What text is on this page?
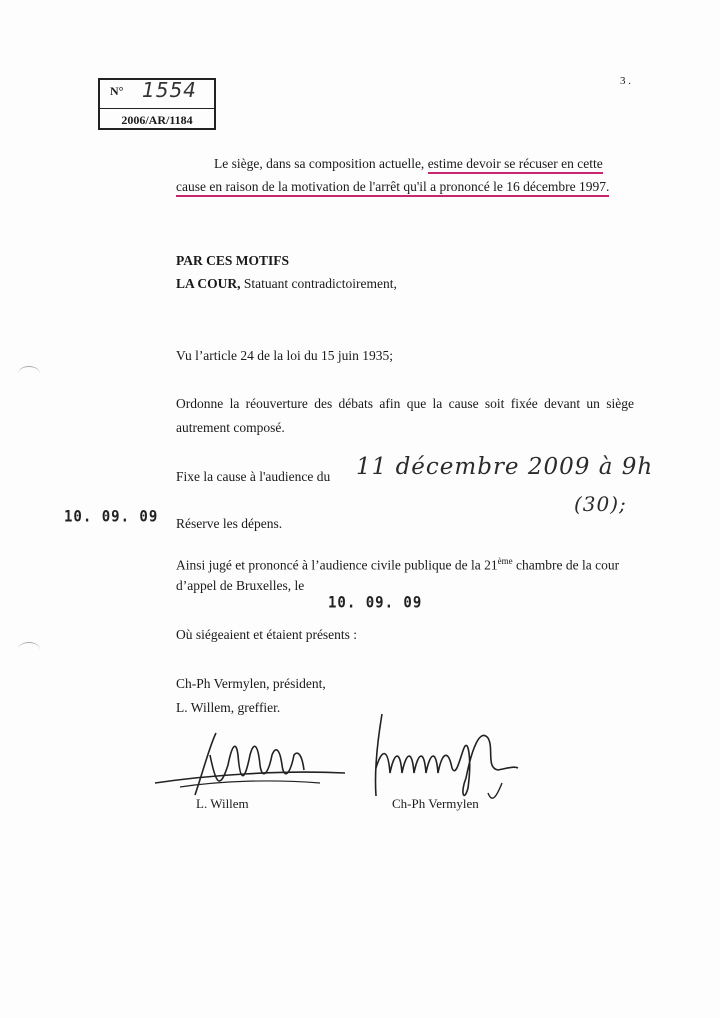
3 .
N° 1554
2006/AR/1184
Le siège, dans sa composition actuelle, estime devoir se récuser en cette
cause en raison de la motivation de l'arrêt qu'il a prononcé le 16 décembre 1997.
PAR CES MOTIFS
LA COUR, Statuant contradictoirement,
Vu l’article 24 de la loi du 15 juin 1935;
Ordonne la réouverture des débats afin que la cause soit fixée devant un siège
autrement composé.
Fixe la cause à l'audience du 11 décembre 2009 à 9h
(30);
10. 09. 09 Réserve les dépens.
Ainsi jugé et prononcé à l’audience civile publique de la 21ème chambre de la cour
d’appel de Bruxelles, le
10. 09. 09
Où siégeaient et étaient présents :
Ch-Ph Vermylen, président,
L. Willem, greffier.
L. Willem	Ch-Ph Vermylen
